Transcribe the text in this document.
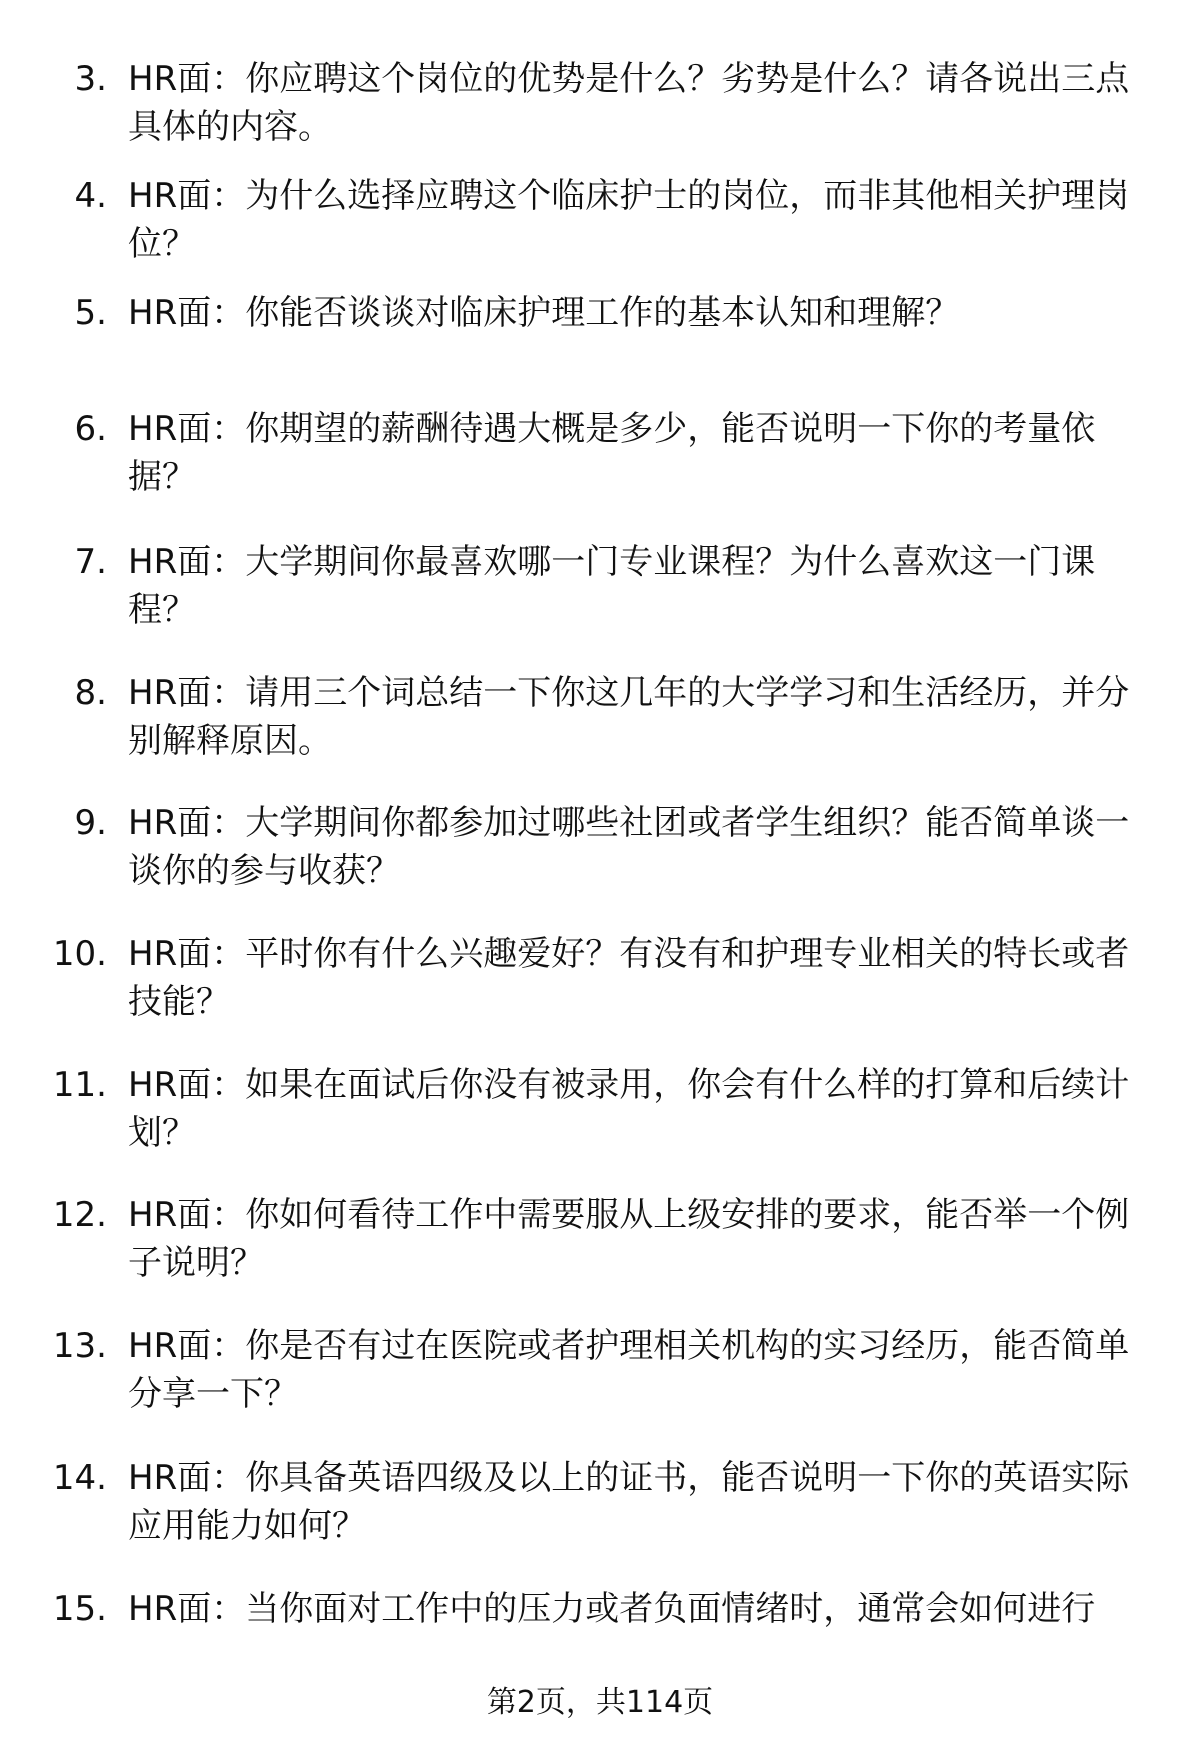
3. HR面：你应聘这个岗位的优势是什么？劣势是什么？请各说出三点具体的内容。
4. HR面：为什么选择应聘这个临床护士的岗位，而非其他相关护理岗位？
5. HR面：你能否谈谈对临床护理工作的基本认知和理解？
6. HR面：你期望的薪酬待遇大概是多少，能否说明一下你的考量依据？
7. HR面：大学期间你最喜欢哪一门专业课程？为什么喜欢这一门课程？
8. HR面：请用三个词总结一下你这几年的大学学习和生活经历，并分别解释原因。
9. HR面：大学期间你都参加过哪些社团或者学生组织？能否简单谈一谈你的参与收获？
10. HR面：平时你有什么兴趣爱好？有没有和护理专业相关的特长或者技能？
11. HR面：如果在面试后你没有被录用，你会有什么样的打算和后续计划？
12. HR面：你如何看待工作中需要服从上级安排的要求，能否举一个例子说明？
13. HR面：你是否有过在医院或者护理相关机构的实习经历，能否简单分享一下？
14. HR面：你具备英语四级及以上的证书，能否说明一下你的英语实际应用能力如何？
15. HR面：当你面对工作中的压力或者负面情绪时，通常会如何进行
第2页，共114页
